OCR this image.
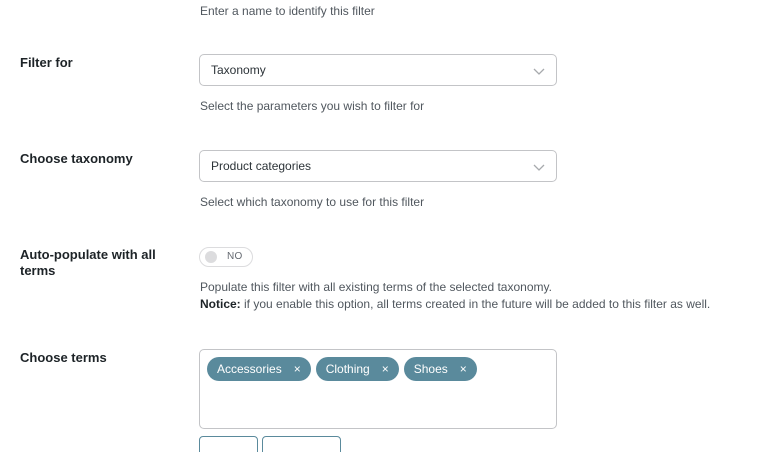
Enter a name to identify this filter
Filter for	Taxonomy
Select the parameters you wish to filter for
Choose taxonomy	Product categories
Select which taxonomy to use for this filter
Auto-populate with all terms
NO
Populate this filter with all existing terms of the selected taxonomy.
Notice: if you enable this option, all terms created in the future will be added to this filter as well.
Choose terms
Accessories × Clothing × Shoes ×
